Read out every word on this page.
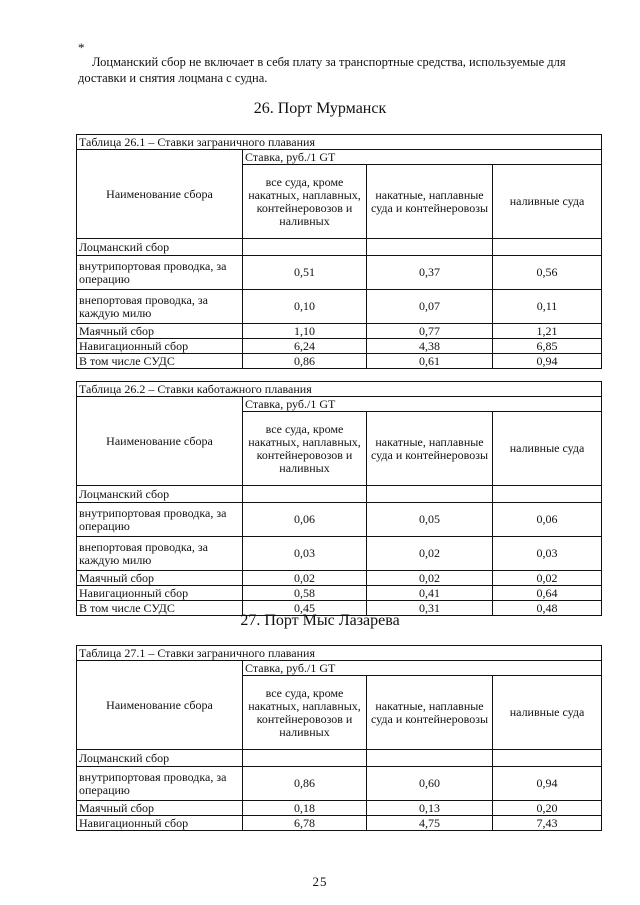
*
Лоцманский сбор не включает в себя плату за транспортные средства, используемые для доставки и снятия лоцмана с судна.
26. Порт Мурманск
Таблица 26.1 – Ставки заграничного плавания			
Наименование сбора	Ставка, руб./1 GT		
	все суда, кроме накатных, наплавных, контейнеровозов и наливных	накатные, наплавные суда и контейнеровозы	наливные суда
Лоцманский сбор			
внутрипортовая проводка, за операцию	0,51	0,37	0,56
внепортовая проводка, за каждую милю	0,10	0,07	0,11
Маячный сбор	1,10	0,77	1,21
Навигационный сбор	6,24	4,38	6,85
В том числе СУДС	0,86	0,61	0,94
Таблица 26.2 – Ставки каботажного плавания			
Наименование сбора	Ставка, руб./1 GT		
	все суда, кроме накатных, наплавных, контейнеровозов и наливных	накатные, наплавные суда и контейнеровозы	наливные суда
Лоцманский сбор			
внутрипортовая проводка, за операцию	0,06	0,05	0,06
внепортовая проводка, за каждую милю	0,03	0,02	0,03
Маячный сбор	0,02	0,02	0,02
Навигационный сбор	0,58	0,41	0,64
В том числе СУДС	0,45	0,31	0,48
27. Порт Мыс Лазарева
Таблица 27.1 – Ставки заграничного плавания			
Наименование сбора	Ставка, руб./1 GT		
	все суда, кроме накатных, наплавных, контейнеровозов и наливных	накатные, наплавные суда и контейнеровозы	наливные суда
Лоцманский сбор			
внутрипортовая проводка, за операцию	0,86	0,60	0,94
Маячный сбор	0,18	0,13	0,20
Навигационный сбор	6,78	4,75	7,43
25
